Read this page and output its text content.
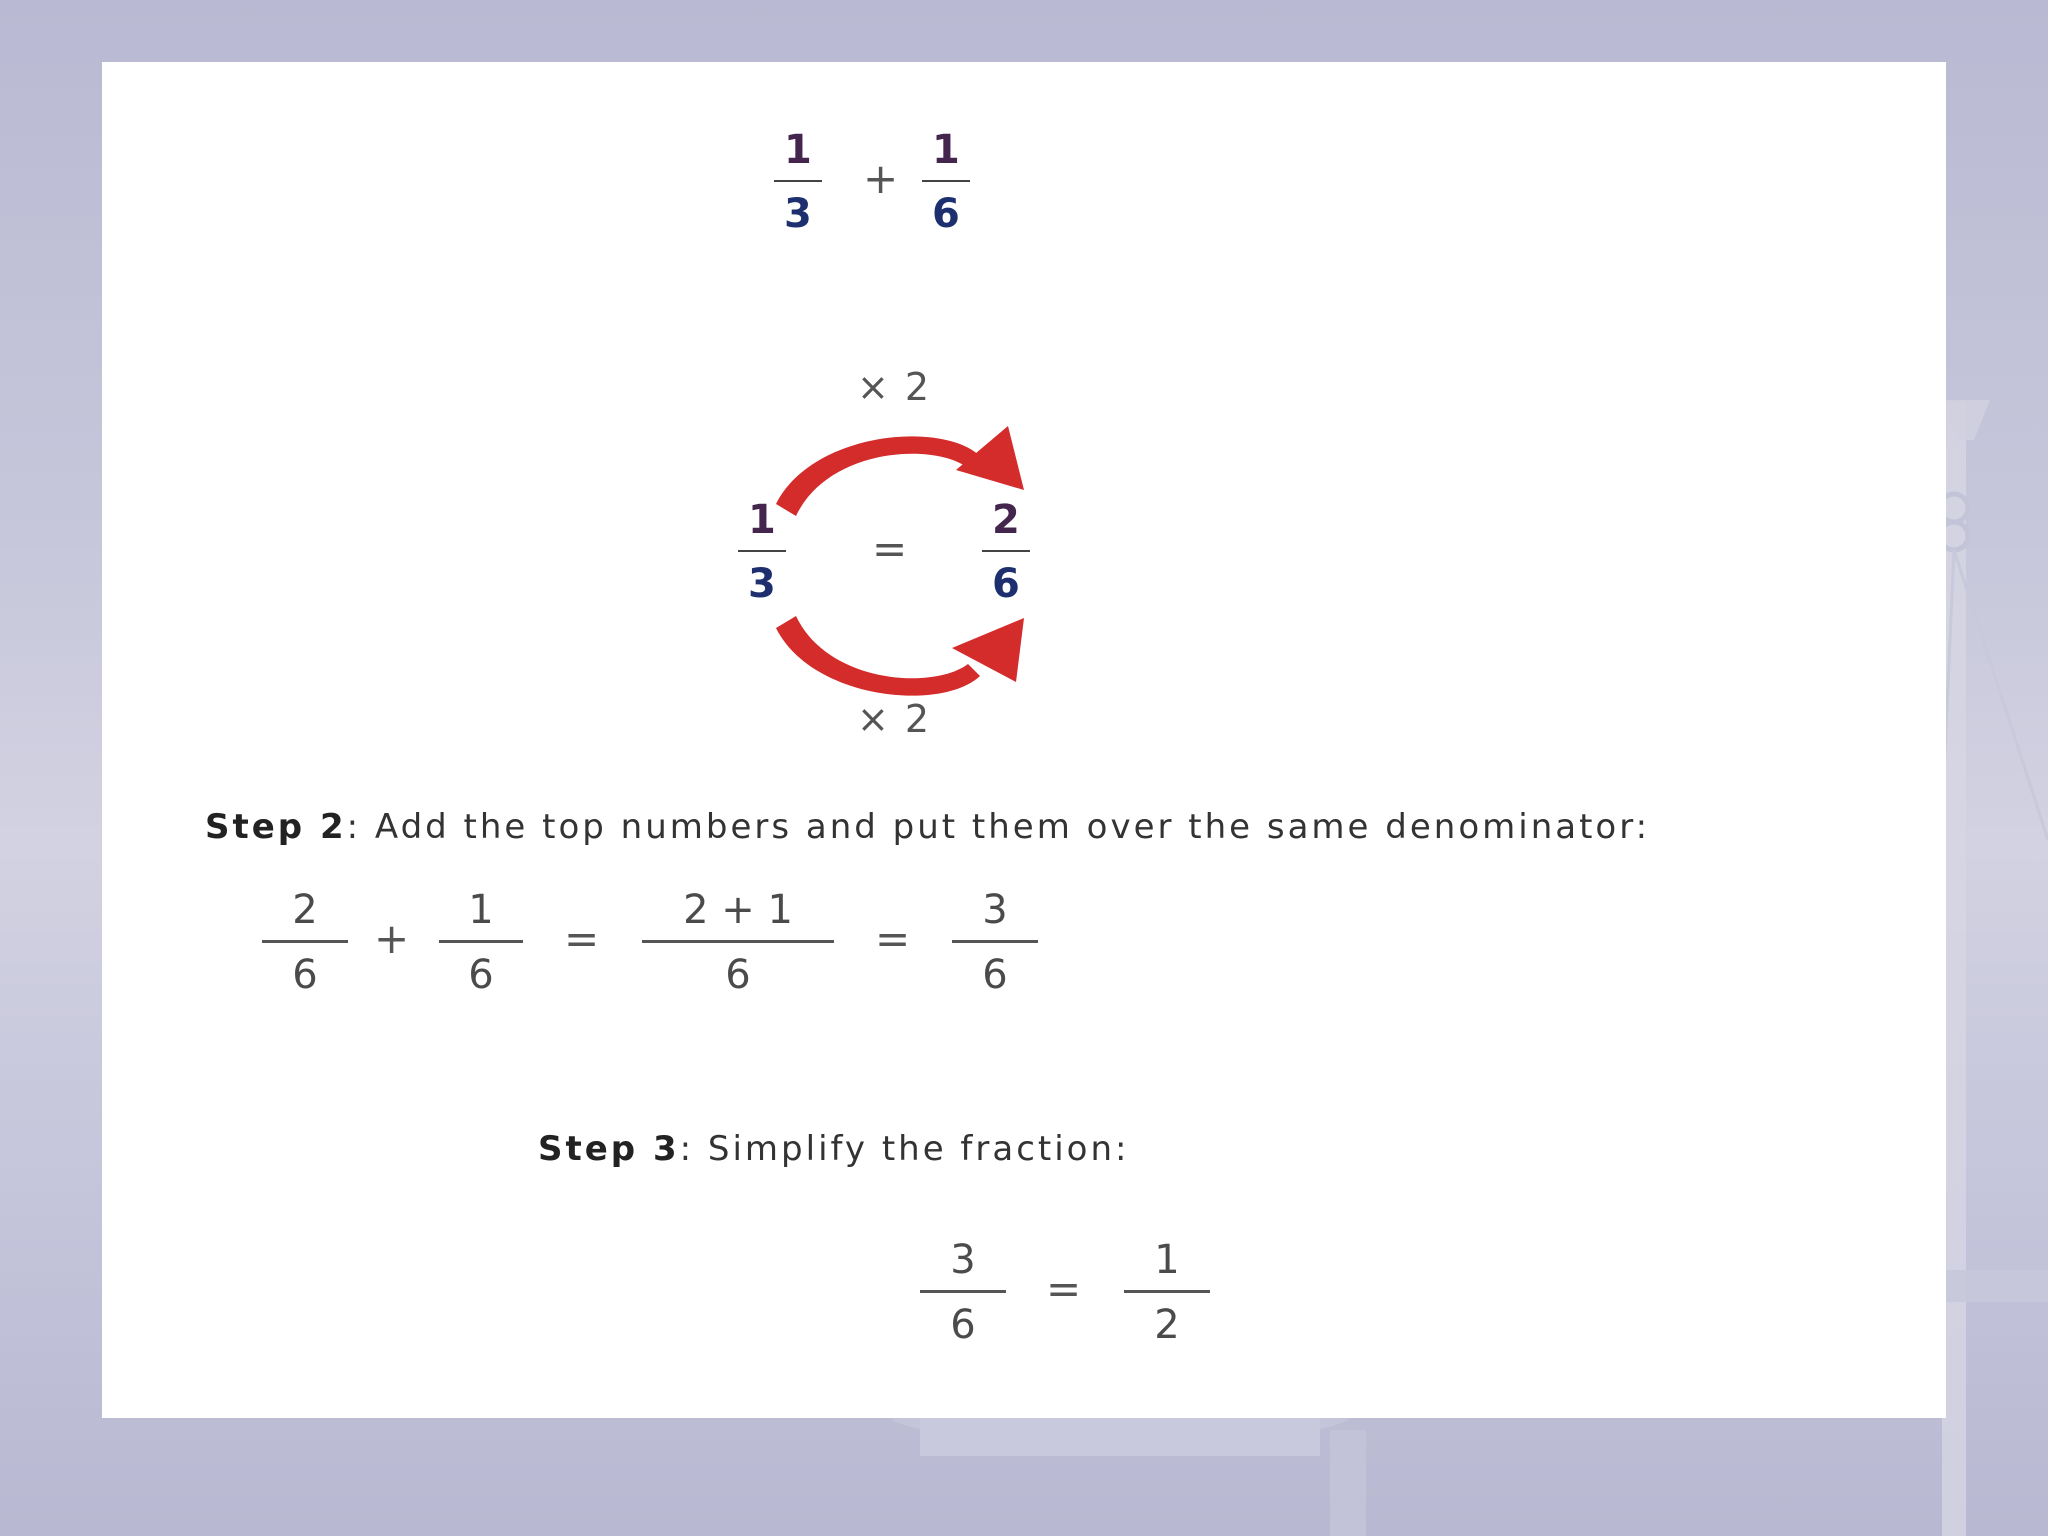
1
3
+
1
6
× 2
1
3
=
2
6
× 2
Step 2: Add the top numbers and put them over the same denominator:
2
6
+
1
6
=
2 + 1
6
=
3
6
Step 3: Simplify the fraction:
3
6
=
1
2
